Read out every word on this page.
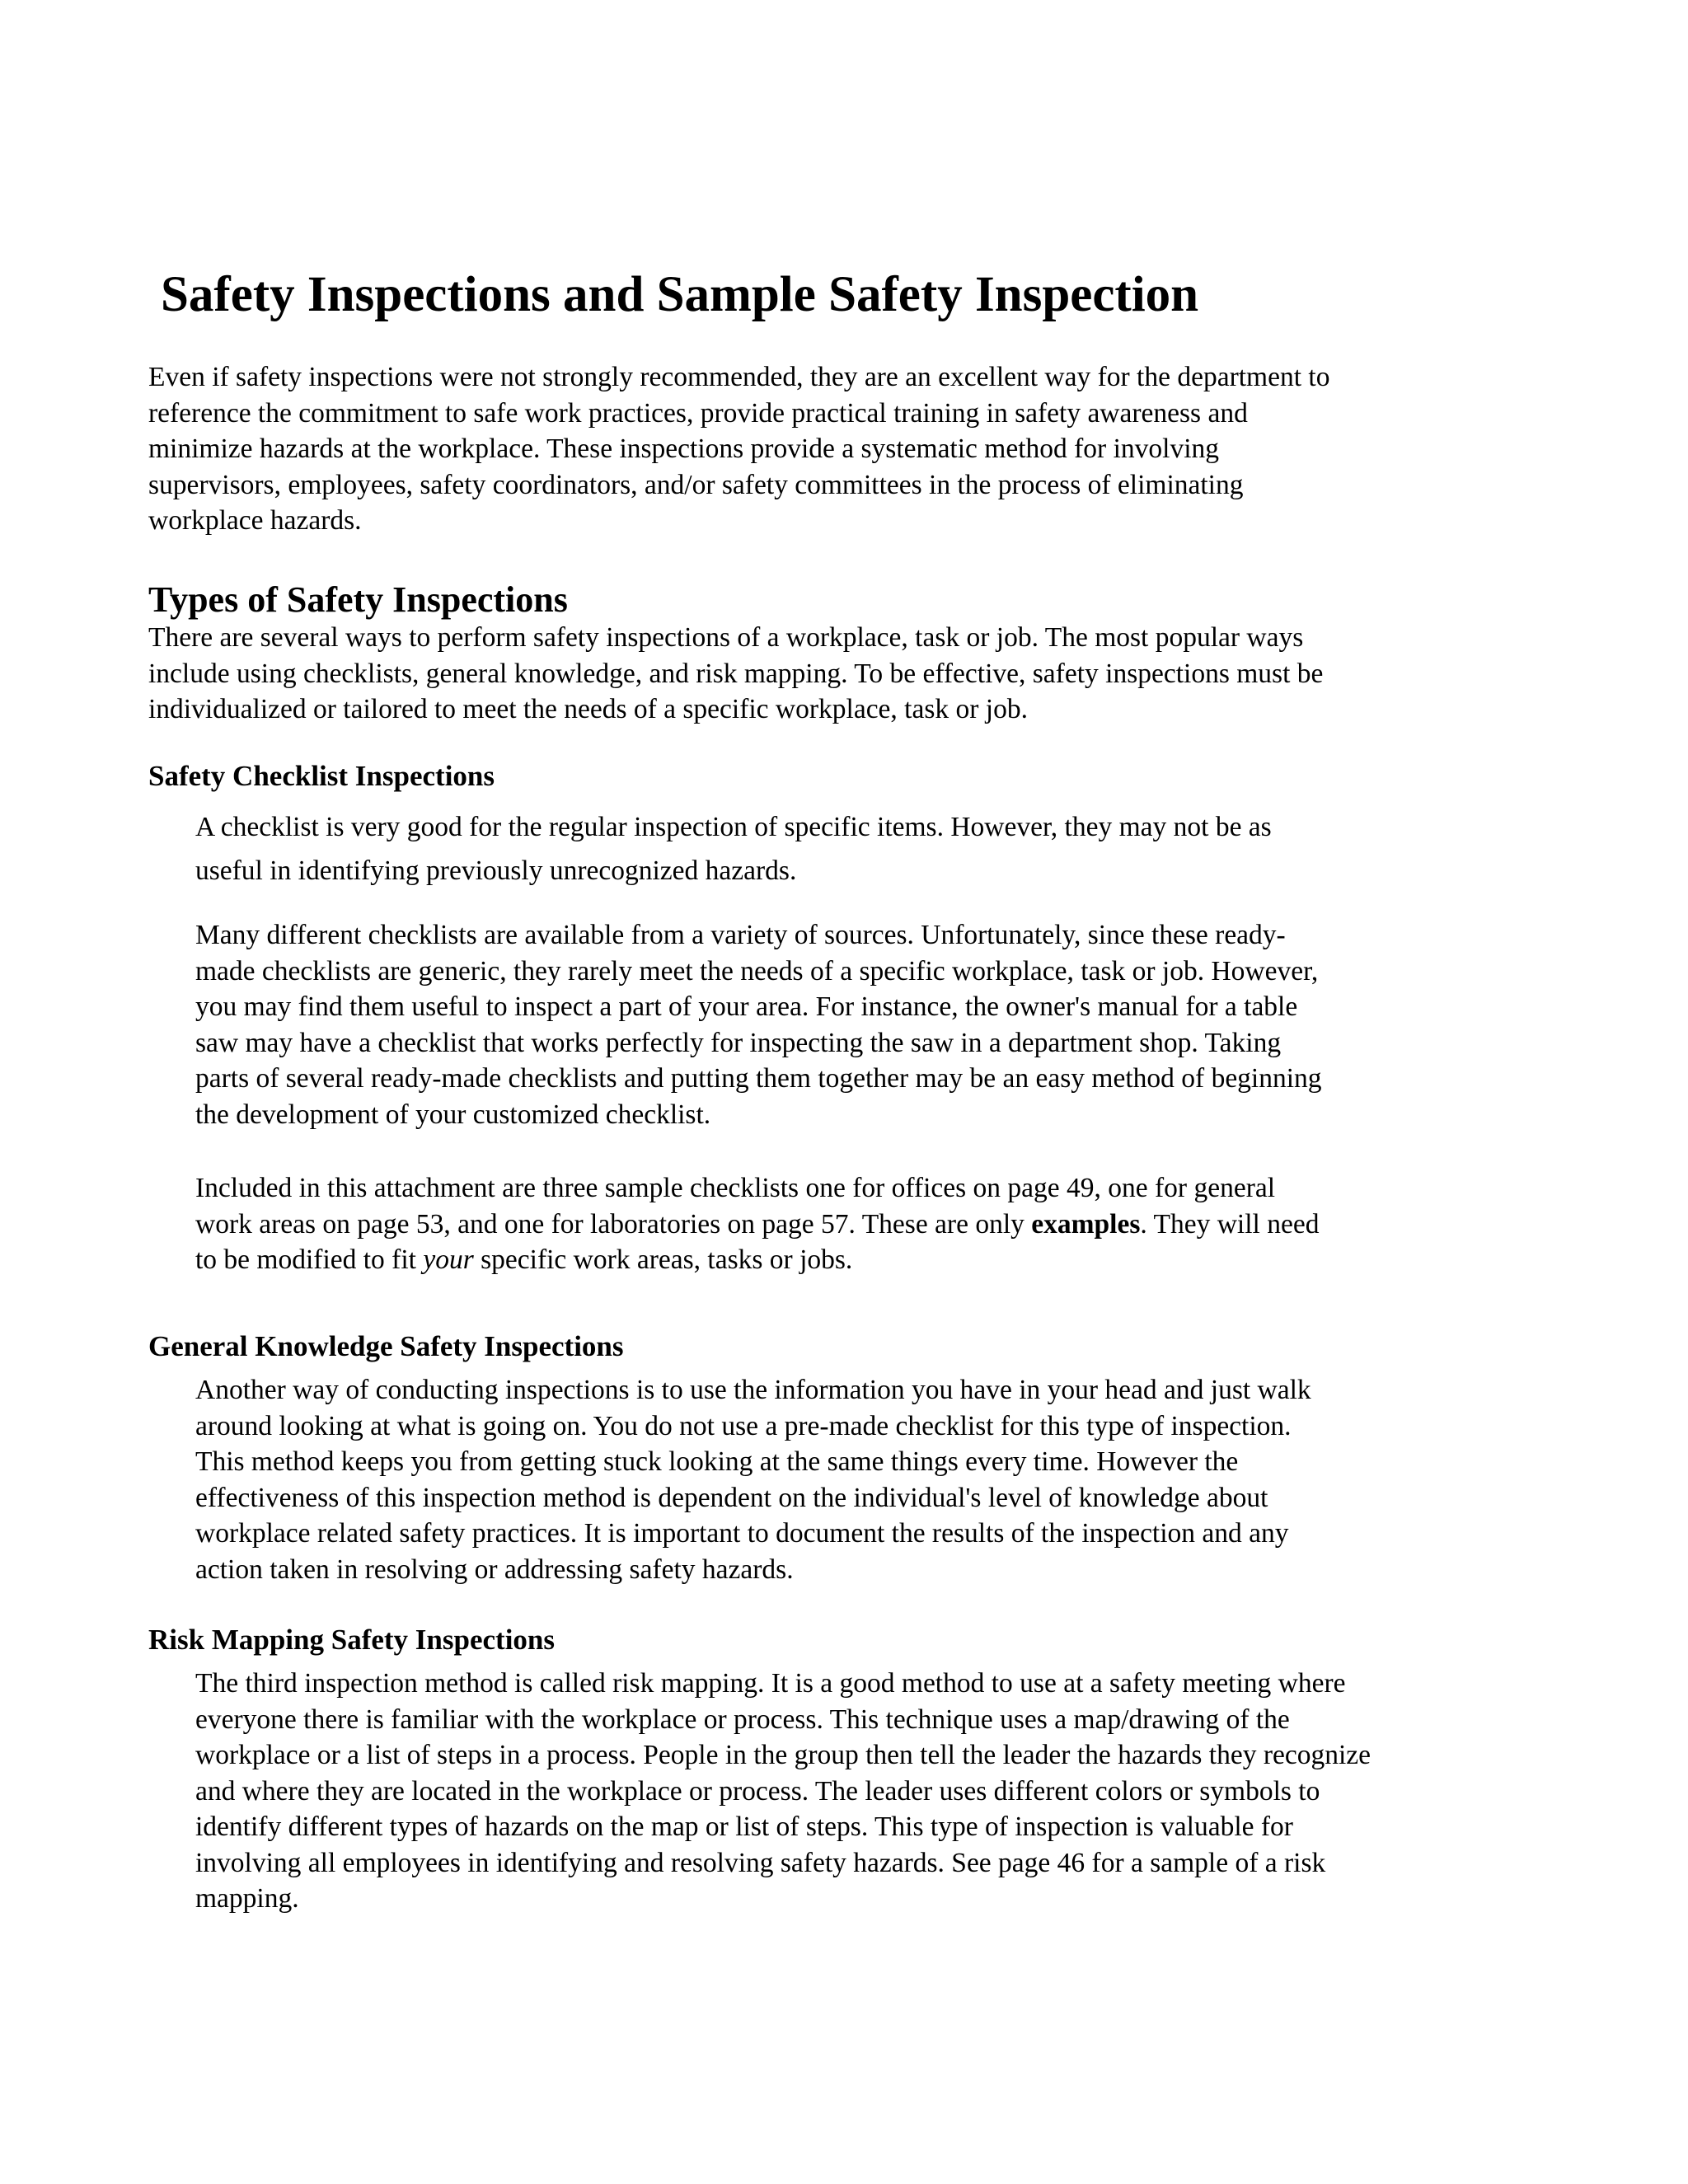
Safety Inspections and Sample Safety Inspection

Even if safety inspections were not strongly recommended, they are an excellent way for the department to
reference the commitment to safe work practices, provide practical training in safety awareness and
minimize hazards at the workplace. These inspections provide a systematic method for involving
supervisors, employees, safety coordinators, and/or safety committees in the process of eliminating
workplace hazards.

Types of Safety Inspections

There are several ways to perform safety inspections of a workplace, task or job. The most popular ways
include using checklists, general knowledge, and risk mapping. To be effective, safety inspections must be
individualized or tailored to meet the needs of a specific workplace, task or job.

Safety Checklist Inspections

A checklist is very good for the regular inspection of specific items. However, they may not be as
useful in identifying previously unrecognized hazards.

Many different checklists are available from a variety of sources. Unfortunately, since these ready-
made checklists are generic, they rarely meet the needs of a specific workplace, task or job. However,
you may find them useful to inspect a part of your area. For instance, the owner's manual for a table
saw may have a checklist that works perfectly for inspecting the saw in a department shop. Taking
parts of several ready-made checklists and putting them together may be an easy method of beginning
the development of your customized checklist.

Included in this attachment are three sample checklists one for offices on page 49, one for general
work areas on page 53, and one for laboratories on page 57. These are only examples. They will need
to be modified to fit your specific work areas, tasks or jobs.

General Knowledge Safety Inspections

Another way of conducting inspections is to use the information you have in your head and just walk
around looking at what is going on. You do not use a pre-made checklist for this type of inspection.
This method keeps you from getting stuck looking at the same things every time. However the
effectiveness of this inspection method is dependent on the individual's level of knowledge about
workplace related safety practices. It is important to document the results of the inspection and any
action taken in resolving or addressing safety hazards.

Risk Mapping Safety Inspections

The third inspection method is called risk mapping. It is a good method to use at a safety meeting where
everyone there is familiar with the workplace or process. This technique uses a map/drawing of the
workplace or a list of steps in a process. People in the group then tell the leader the hazards they recognize
and where they are located in the workplace or process. The leader uses different colors or symbols to
identify different types of hazards on the map or list of steps. This type of inspection is valuable for
involving all employees in identifying and resolving safety hazards. See page 46 for a sample of a risk
mapping.
